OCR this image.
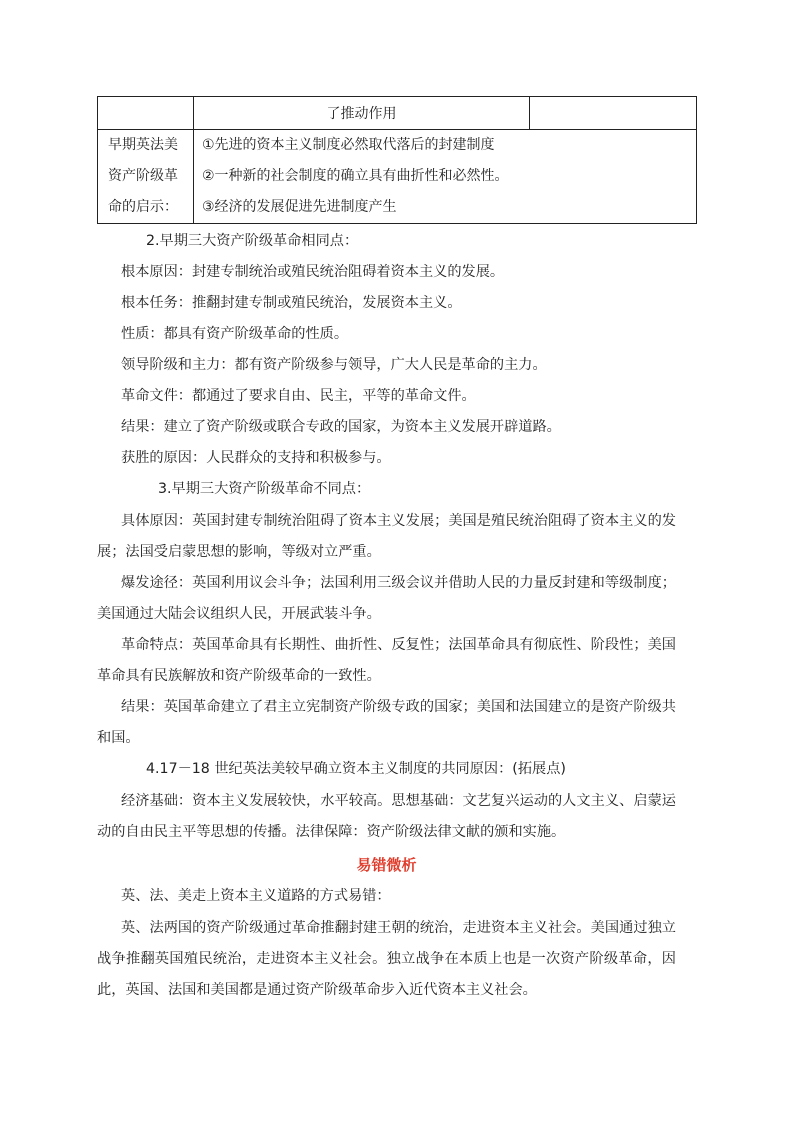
了推动作用
早期英法美
资产阶级革
命的启示：
①先进的资本主义制度必然取代落后的封建制度
②一种新的社会制度的确立具有曲折性和必然性。
③经济的发展促进先进制度产生
2.早期三大资产阶级革命相同点：
根本原因：封建专制统治或殖民统治阻碍着资本主义的发展。
根本任务：推翻封建专制或殖民统治，发展资本主义。
性质：都具有资产阶级革命的性质。
领导阶级和主力：都有资产阶级参与领导，广大人民是革命的主力。
革命文件：都通过了要求自由、民主，平等的革命文件。
结果：建立了资产阶级或联合专政的国家，为资本主义发展开辟道路。
获胜的原因：人民群众的支持和积极参与。
3.早期三大资产阶级革命不同点：
具体原因：英国封建专制统治阻碍了资本主义发展；美国是殖民统治阻碍了资本主义的发展；法国受启蒙思想的影响，等级对立严重。
爆发途径：英国利用议会斗争；法国利用三级会议并借助人民的力量反封建和等级制度；美国通过大陆会议组织人民，开展武装斗争。
革命特点：英国革命具有长期性、曲折性、反复性；法国革命具有彻底性、阶段性；美国革命具有民族解放和资产阶级革命的一致性。
结果：英国革命建立了君主立宪制资产阶级专政的国家；美国和法国建立的是资产阶级共和国。
4.17－18 世纪英法美较早确立资本主义制度的共同原因：(拓展点)
经济基础：资本主义发展较快，水平较高。思想基础：文艺复兴运动的人文主义、启蒙运动的自由民主平等思想的传播。法律保障：资产阶级法律文献的颁和实施。
易错微析
英、法、美走上资本主义道路的方式易错：
英、法两国的资产阶级通过革命推翻封建王朝的统治，走进资本主义社会。美国通过独立战争推翻英国殖民统治，走进资本主义社会。独立战争在本质上也是一次资产阶级革命，因此，英国、法国和美国都是通过资产阶级革命步入近代资本主义社会。
